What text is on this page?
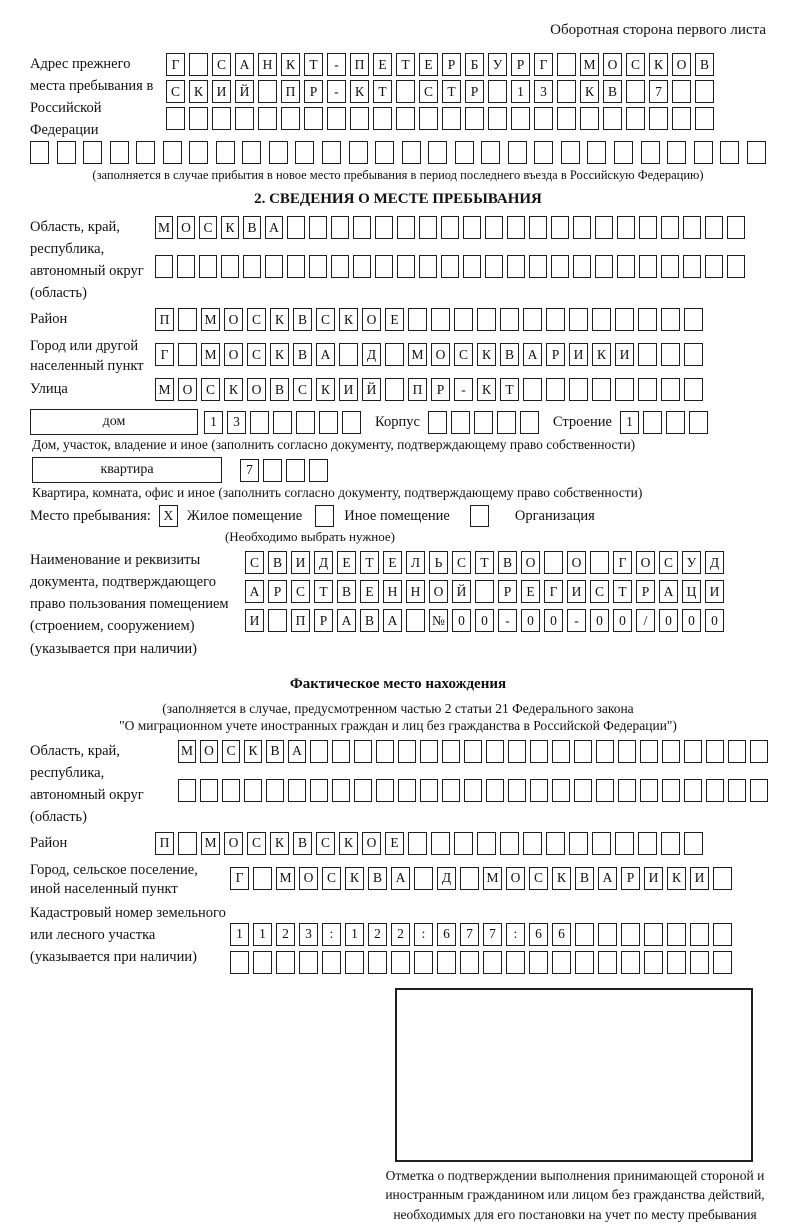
Оборотная сторона первого листа
Адрес прежнего места пребывания в Российской Федерации
Г	С	А Н	К	Т	-	П	Е	Т	Е	Р	Б	У	Р	Г	М О	С	К	О	В
С	К	И Й	П	Р	-	К	Т	С	Т	Р	1	3	К	В	7
(заполняется в случае прибытия в новое место пребывания в период последнего въезда в Российскую Федерацию)
2. СВЕДЕНИЯ О МЕСТЕ ПРЕБЫВАНИЯ
Область, край, республика, автономный округ (область)
М О С К В А
Район	П	М О	С	К	В	С	К	О	Е
Город или другой населенный пункт
Г	М О	С	К	В	А	Д	М О	С	К	В	А	Р	И	К	И
Улица	М О	С	К	О	В	С	К	И Й	П	Р	-	К	Т
дом	1	3	Корпус	Строение	1
Дом, участок, владение и иное (заполнить согласно документу, подтверждающему право собственности)
квартира	7
Квартира, комната, офис и иное (заполнить согласно документу, подтверждающему право собственности)
Место пребывания: X Жилое помещение	Иное помещение	Организация
(Необходимо выбрать нужное)
Наименование и реквизиты документа, подтверждающего право пользования помещением (строением, сооружением) (указывается при наличии)
С	В	И	Д	Е	Т	Е	Л	Ь	С	Т	В	О	О	Г	О	С	У	Д
А	Р	С	Т	В	Е	Н Н О Й	Р	Е	Г	И	С	Т	Р	А Ц И
И	П	Р	А	В	А	№ 0	0	-	0	0	-	0	0	/	0	0	0
Фактическое место нахождения
(заполняется в случае, предусмотренном частью 2 статьи 21 Федерального закона
"О миграционном учете иностранных граждан и лиц без гражданства в Российской Федерации")
Область, край, республика, автономный округ (область)
М О С К В А
Район	П	М О	С	К	В	С	К	О	Е
Город, сельское поселение, иной населенный пункт
Г	М О	С	К	В	А	Д	М О	С	К	В	А	Р	И	К	И
Кадастровый номер земельного или лесного участка (указывается при наличии)
1	1	2	3	:	1	2	2	:	6	7	7	:	6	6
Отметка о подтверждении выполнения принимающей стороной и иностранным гражданином или лицом без гражданства действий, необходимых для его постановки на учет по месту пребывания
